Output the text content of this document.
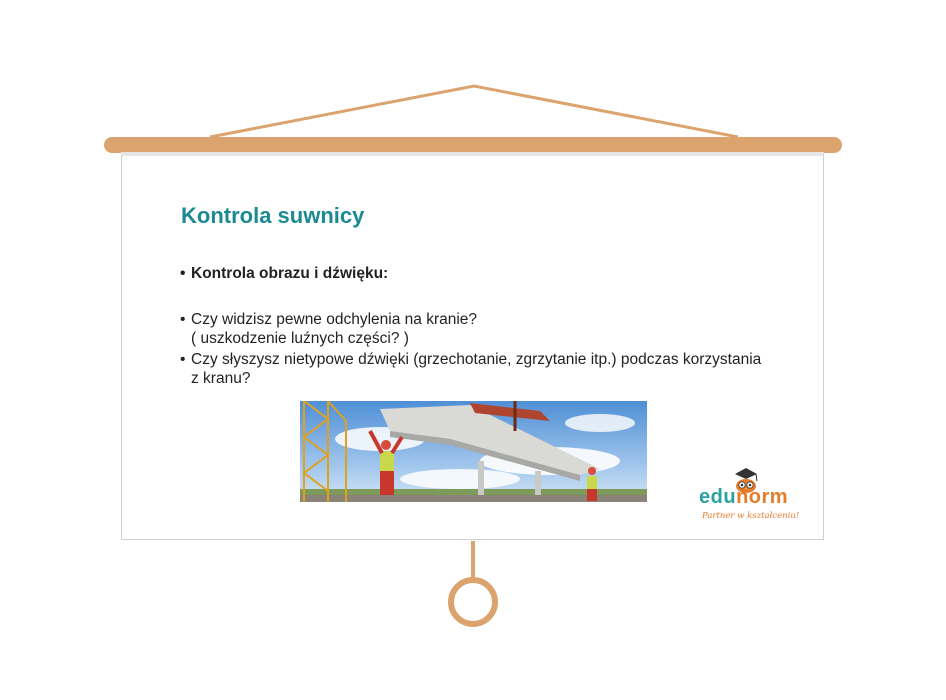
Kontrola suwnicy
• Kontrola obrazu i dźwięku:
• Czy widzisz pewne odchylenia na kranie?
( uszkodzenie luźnych części? )
• Czy słyszysz nietypowe dźwięki (grzechotanie, zgrzytanie itp.) podczas korzystania
z kranu?
edunorm
Partner w kształceniu!
